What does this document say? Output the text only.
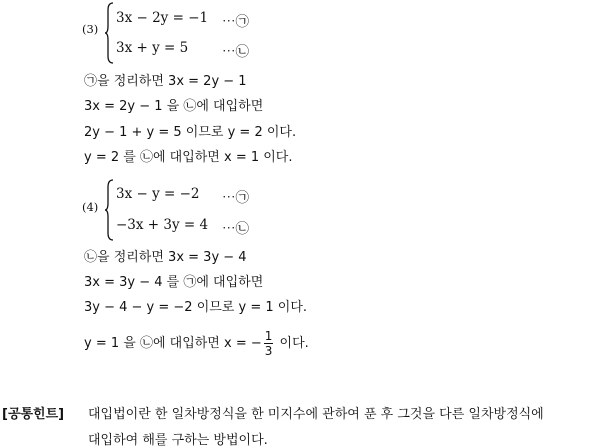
(3)
3x − 2y = −1 ⋯㉠
3x + y = 5	⋯㉡
㉠을 정리하면 3x = 2y − 1
3x = 2y − 1 을 ㉡에 대입하면
2y − 1 + y = 5 이므로 y = 2 이다.
y = 2 를 ㉡에 대입하면 x = 1 이다.
(4)
3x − y = −2 ⋯㉠
−3x + 3y = 4 ⋯㉡
㉡을 정리하면 3x = 3y − 4
3x = 3y − 4 를 ㉠에 대입하면
3y − 4 − y = −2 이므로 y = 1 이다.
y = 1 을 ㉡에 대입하면 x = − $\frac{1}{3}$ 이다.
[공통힌트] 대입법이란 한 일차방정식을 한 미지수에 관하여 푼 후 그것을 다른 일차방정식에
대입하여 해를 구하는 방법이다.
